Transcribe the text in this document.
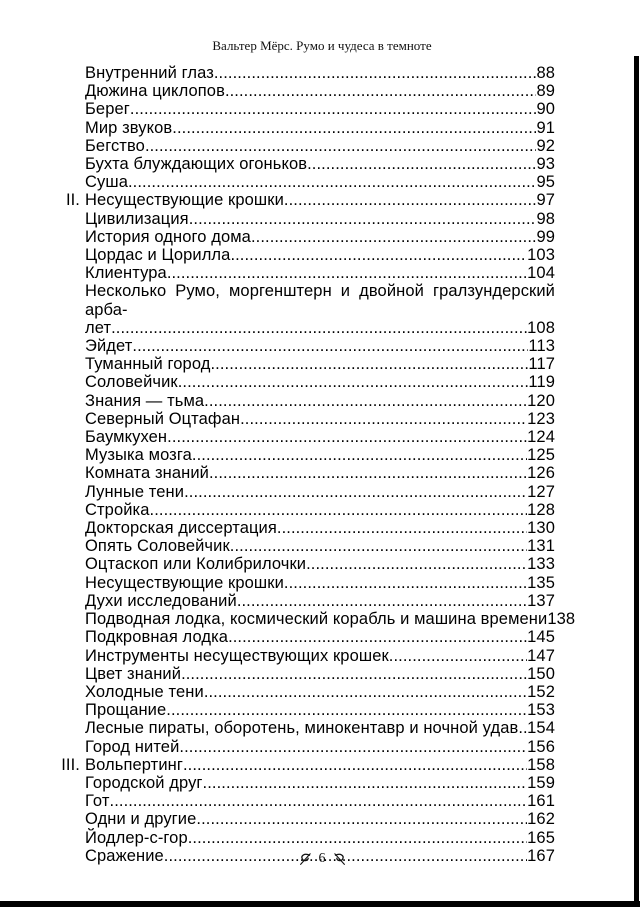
Вальтер Мёрс. Румо и чудеса в темноте
Внутренний глаз .....	88
Дюжина циклопов .....	89
Берег .....	90
Мир звуков .....	91
Бегство .....	92
Бухта блуждающих огоньков .....	93
Суша .....	95
II. Несуществующие крошки .....	97
Цивилизация .....	98
История одного дома .....	99
Цордас и Цорилла .....	103
Клиентура .....	104
Несколько Румо, моргенштерн и двойной гралзундерский арба-
лет .....	108
Эйдет .....	113
Туманный город .....	117
Соловейчик .....	119
Знания — тьма .....	120
Северный Оцтафан .....	123
Баумкухен .....	124
Музыка мозга .....	125
Комната знаний .....	126
Лунные тени .....	127
Стройка .....	128
Докторская диссертация .....	130
Опять Соловейчик .....	131
Оцтаскоп или Колибрилочки .....	133
Несуществующие крошки .....	135
Духи исследований .....	137
Подводная лодка, космический корабль и машина времени 138
Подкровная лодка .....	145
Инструменты несуществующих крошек .....	147
Цвет знаний .....	150
Холодные тени .....	152
Прощание .....	153
Лесные пираты, оборотень, минокентавр и ночной удав ..... 154
Город нитей .....	156
III. Вольпертинг .....	158
Городской друг .....	159
Гот .....	161
Одни и другие .....	162
Йодлер-с-гор .....	165
Сражение .....	167
6
